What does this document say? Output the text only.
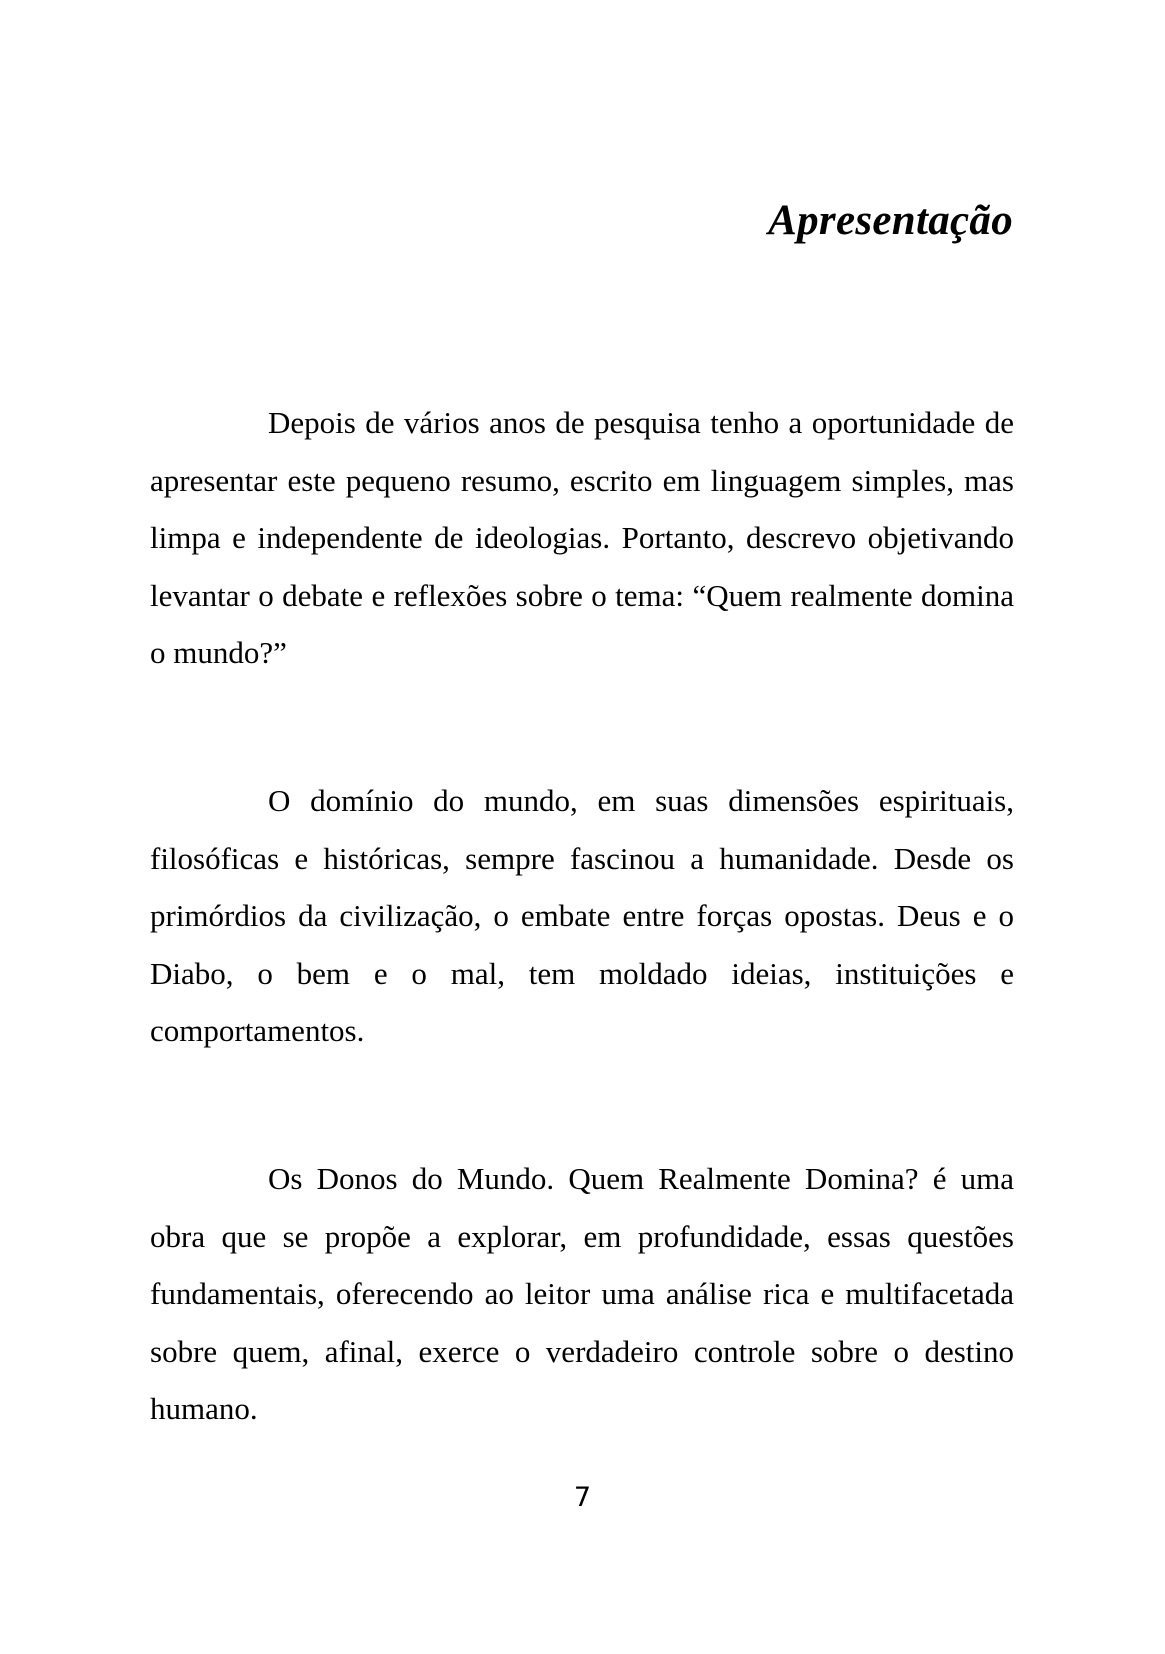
Apresentação

Depois de vários anos de pesquisa tenho a oportunidade de apresentar este pequeno resumo, escrito em linguagem simples, mas limpa e independente de ideologias. Portanto, descrevo objetivando levantar o debate e reflexões sobre o tema: “Quem realmente domina o mundo?”

O domínio do mundo, em suas dimensões espirituais, filosóficas e históricas, sempre fascinou a humanidade. Desde os primórdios da civilização, o embate entre forças opostas. Deus e o Diabo, o bem e o mal, tem moldado ideias, instituições e comportamentos.

Os Donos do Mundo. Quem Realmente Domina? é uma obra que se propõe a explorar, em profundidade, essas questões fundamentais, oferecendo ao leitor uma análise rica e multifacetada sobre quem, afinal, exerce o verdadeiro controle sobre o destino humano.

7
